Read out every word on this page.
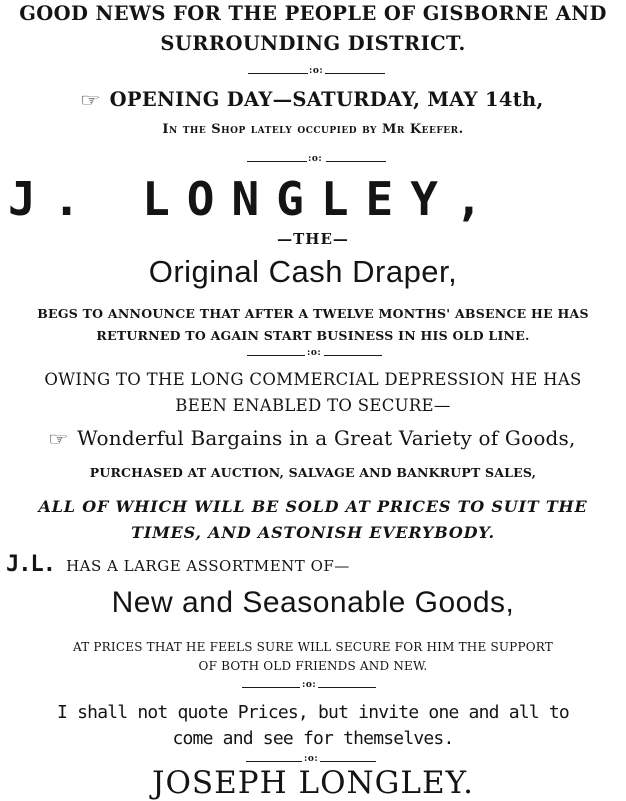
GOOD NEWS FOR THE PEOPLE OF GISBORNE AND
SURROUNDING DISTRICT.
:o:
☞ OPENING DAY—SATURDAY, MAY 14th,
In the Shop lately occupied by Mr Keefer.
:o:
J. LONGLEY,
—THE—
Original Cash Draper,
BEGS TO ANNOUNCE THAT AFTER A TWELVE MONTHS' ABSENCE HE HAS
RETURNED TO AGAIN START BUSINESS IN HIS OLD LINE.
:o:
OWING TO THE LONG COMMERCIAL DEPRESSION HE HAS
BEEN ENABLED TO SECURE—
☞ Wonderful Bargains in a Great Variety of Goods,
PURCHASED AT AUCTION, SALVAGE AND BANKRUPT SALES,
ALL OF WHICH WILL BE SOLD AT PRICES TO SUIT THE
TIMES, AND ASTONISH EVERYBODY.
J.L. HAS A LARGE ASSORTMENT OF—
New and Seasonable Goods,
AT PRICES THAT HE FEELS SURE WILL SECURE FOR HIM THE SUPPORT
OF BOTH OLD FRIENDS AND NEW.
:o:
I shall not quote Prices, but invite one and all to
come and see for themselves.
:o:
JOSEPH LONGLEY.
